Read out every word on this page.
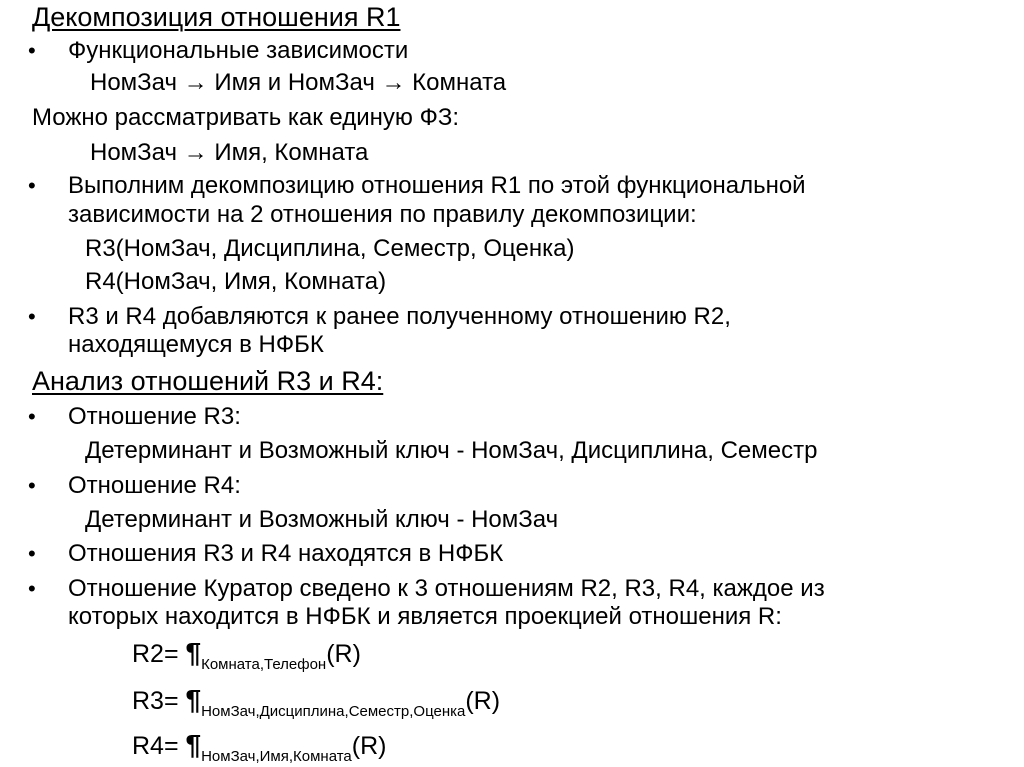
Декомпозиция отношения R1
• Функциональные зависимости
НомЗач → Имя и НомЗач → Комната
Можно рассматривать как единую ФЗ:
НомЗач → Имя, Комната
• Выполним декомпозицию отношения R1 по этой функциональной
зависимости на 2 отношения по правилу декомпозиции:
R3(НомЗач, Дисциплина, Семестр, Оценка)
R4(НомЗач, Имя, Комната)
• R3 и R4 добавляются к ранее полученному отношению R2,
находящемуся в НФБК
Анализ отношений R3 и R4:
• Отношение R3:
Детерминант и Возможный ключ - НомЗач, Дисциплина, Семестр
• Отношение R4:
Детерминант и Возможный ключ - НомЗач
• Отношения R3 и R4 находятся в НФБК
• Отношение Куратор сведено к 3 отношениям R2, R3, R4, каждое из
которых находится в НФБК и является проекцией отношения R:
$R2= \P_{Комната,Телефон}(R)$
$R3= \P_{НомЗач,Дисциплина,Семестр,Оценка}(R)$
$R4= \P_{НомЗач,Имя,Комната}(R)$
